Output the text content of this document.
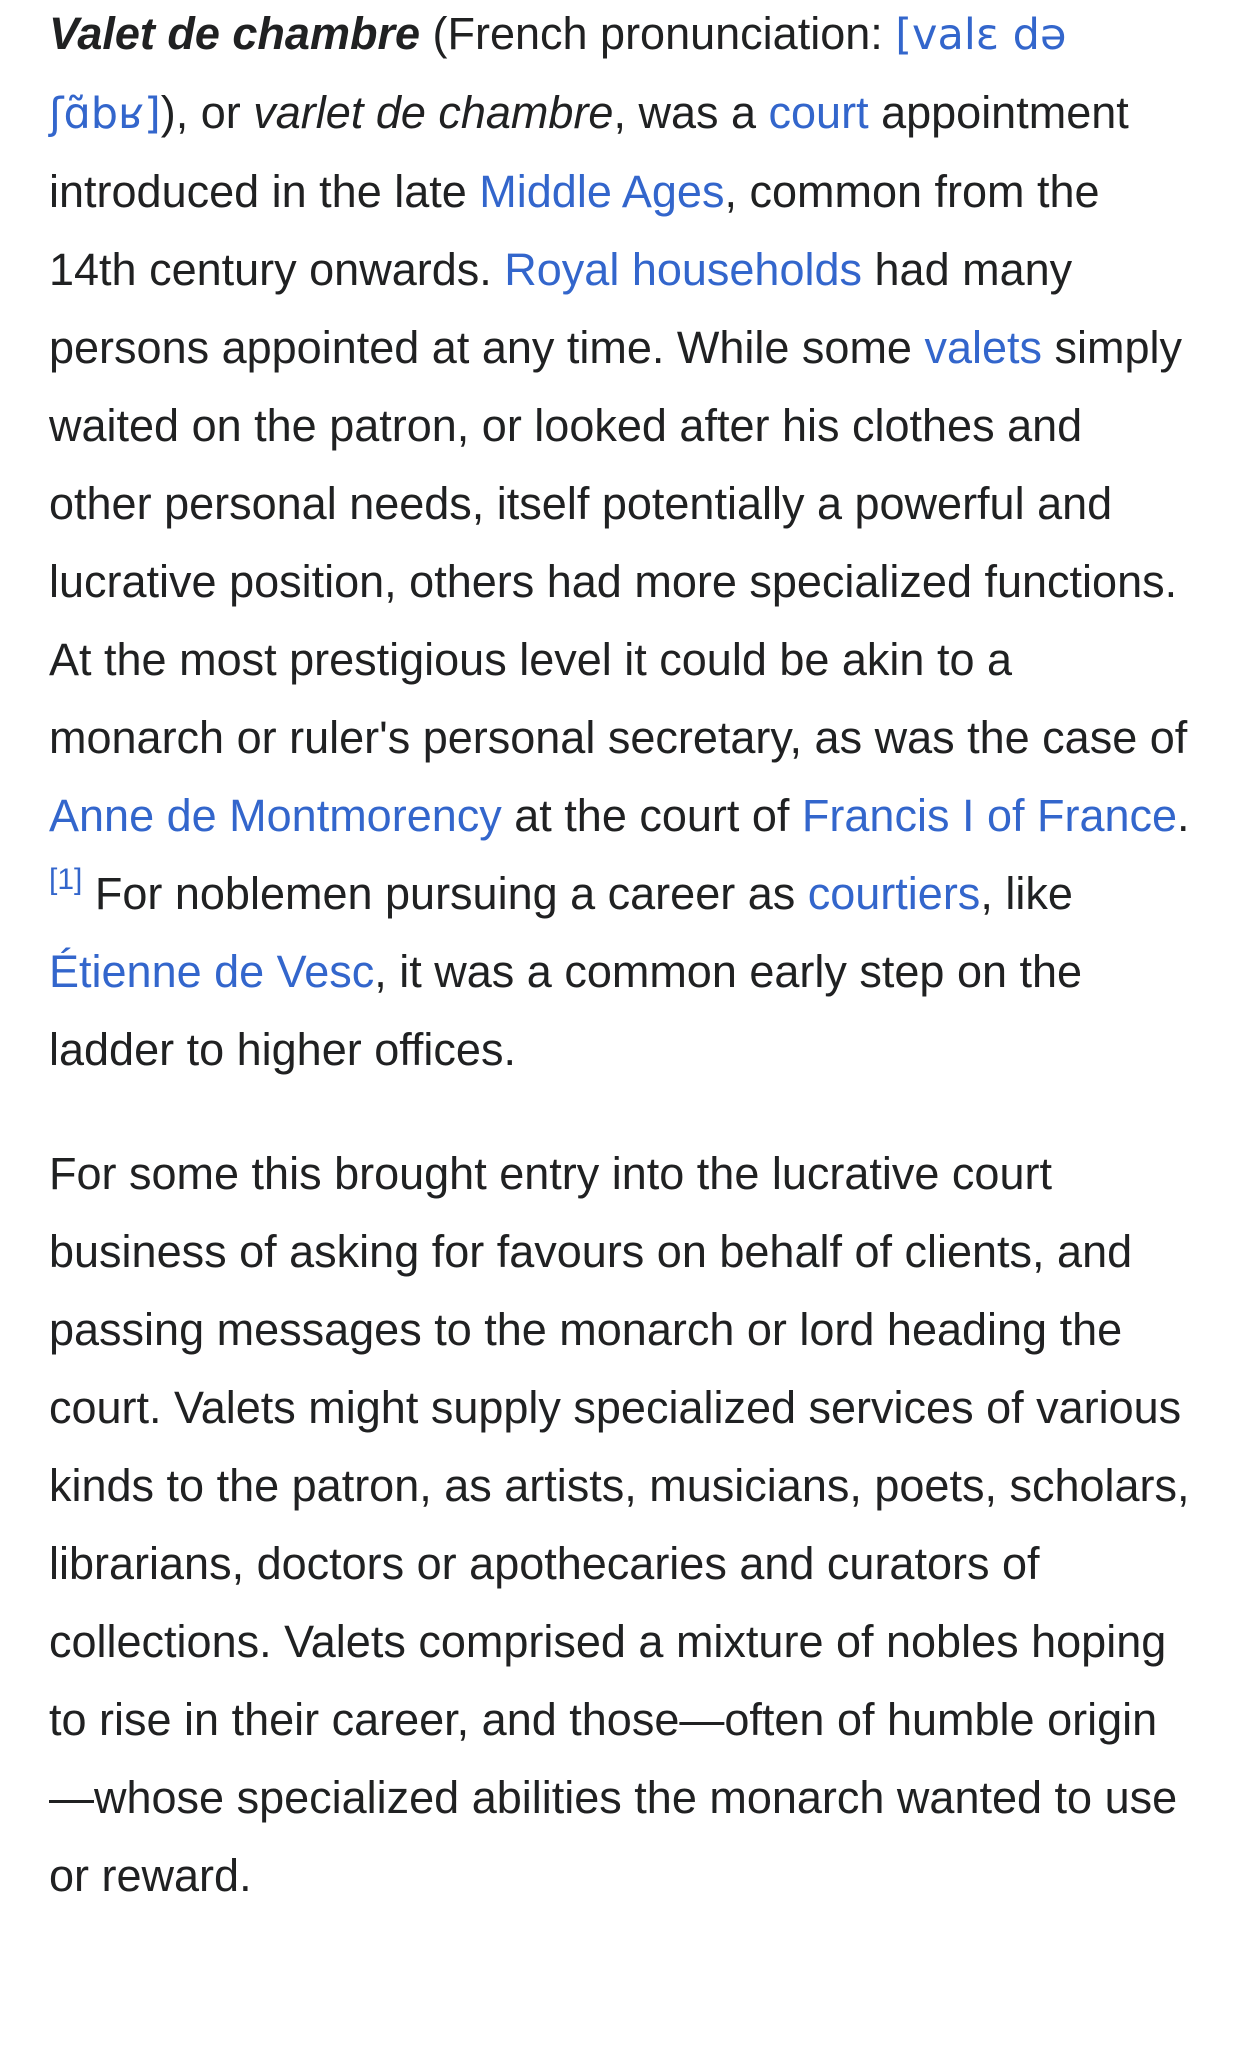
Valet de chambre (French pronunciation: [valɛ də ʃɑ̃bʁ]), or varlet de chambre, was a court appointment introduced in the late Middle Ages, common from the 14th century onwards. Royal households had many persons appointed at any time. While some valets simply waited on the patron, or looked after his clothes and other personal needs, itself potentially a powerful and lucrative position, others had more specialized functions. At the most prestigious level it could be akin to a monarch or ruler's personal secretary, as was the case of Anne de Montmorency at the court of Francis I of France.[1] For noblemen pursuing a career as courtiers, like Étienne de Vesc, it was a common early step on the ladder to higher offices.

For some this brought entry into the lucrative court business of asking for favours on behalf of clients, and passing messages to the monarch or lord heading the court. Valets might supply specialized services of various kinds to the patron, as artists, musicians, poets, scholars, librarians, doctors or apothecaries and curators of collections. Valets comprised a mixture of nobles hoping to rise in their career, and those—often of humble origin—whose specialized abilities the monarch wanted to use or reward.
